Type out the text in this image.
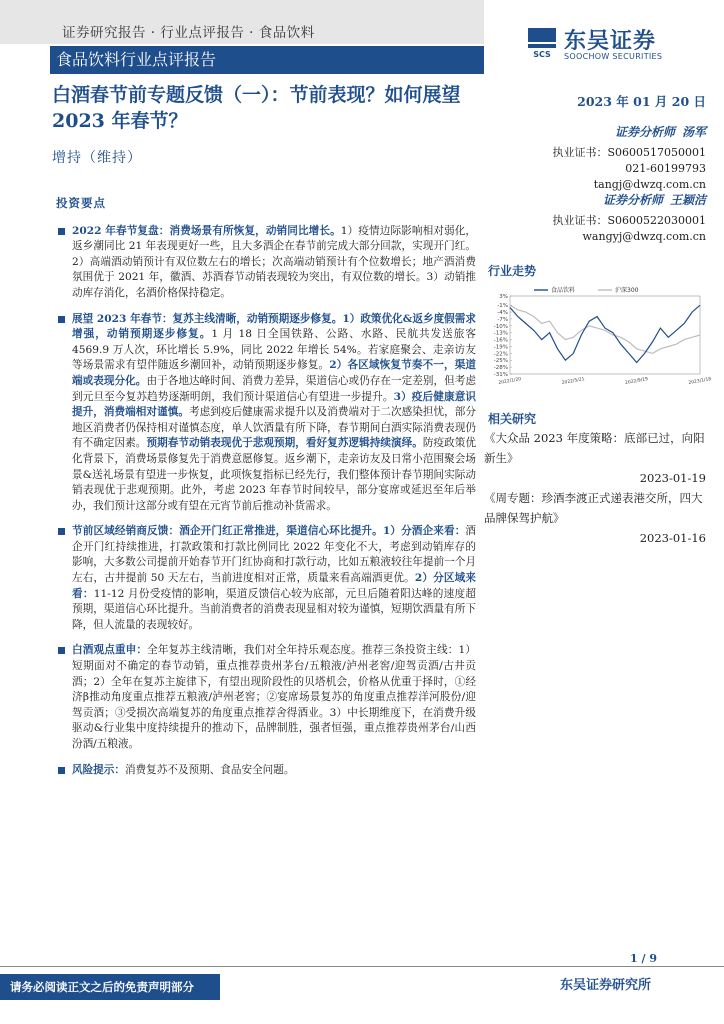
证券研究报告 · 行业点评报告 · 食品饮料
食品饮料行业点评报告	SCS
东吴证券
SOOCHOW SECURITIES
白酒春节前专题反馈（一）：节前表现？如何展望 2023 年春节？
2023 年 01 月 20 日
增持（维持）
证券分析师 汤军
执业证书：S0600517050001
021-60199793
tangj@dwzq.com.cn
证券分析师 王颖洁
执业证书：S0600522030001
wangyj@dwzq.com.cn
投资要点
2022 年春节复盘：消费场景有所恢复，动销同比增长。1）疫情边际影响相对弱化，返乡潮同比 21 年表现更好一些，且大多酒企在春节前完成大部分回款，实现开门红。2）高端酒动销预计有双位数左右的增长；次高端动销预计有个位数增长；地产酒消费氛围优于 2021 年，徽酒、苏酒春节动销表现较为突出，有双位数的增长。3）动销推动库存消化，名酒价格保持稳定。
展望 2023 年春节：复苏主线清晰，动销预期逐步修复。1）政策优化&返乡度假需求增强，动销预期逐步修复。1 月 18 日全国铁路、公路、水路、民航共发送旅客 4569.9 万人次，环比增长 5.9%，同比 2022 年增长 54%。若家庭聚会、走亲访友等场景需求有望伴随返乡潮回补，动销预期逐步修复。2）各区域恢复节奏不一，渠道端或表现分化。由于各地达峰时间、消费力差异，渠道信心或仍存在一定差别，但考虑到元旦至今复苏趋势逐渐明朗，我们预计渠道信心有望进一步提升。3）疫后健康意识提升，消费端相对谨慎。考虑到疫后健康需求提升以及消费端对于二次感染担忧，部分地区消费者仍保持相对谨慎态度，单人饮酒量有所下降，春节期间白酒实际消费表现仍有不确定因素。预期春节动销表现优于悲观预期，看好复苏逻辑持续演绎。防疫政策优化背景下，消费场景修复先于消费意愿修复。返乡潮下，走亲访友及日常小范围聚会场景&送礼场景有望进一步恢复，此项恢复指标已经先行，我们整体预计春节期间实际动销表现优于悲观预期。此外，考虑 2023 年春节时间较早，部分宴席或延迟至年后举办，我们预计这部分或有望在元宵节前后推动补货需求。
节前区域经销商反馈：酒企开门红正常推进，渠道信心环比提升。1）分酒企来看：酒企开门红持续推进，打款政策和打款比例同比 2022 年变化不大，考虑到动销库存的影响，大多数公司提前开始春节开门红协商和打款行动，比如五粮液较往年提前一个月左右，古井提前 50 天左右，当前进度相对正常，质量来看高端酒更优。2）分区域来看：11-12 月份受疫情的影响，渠道反馈信心较为底部，元旦后随着阳达峰的速度超预期，渠道信心环比提升。当前消费者的消费表现显相对较为谨慎，短期饮酒量有所下降，但人流量的表现较好。
白酒观点重申：全年复苏主线清晰，我们对全年持乐观态度。推荐三条投资主线：1）短期面对不确定的春节动销，重点推荐贵州茅台/五粮液/泸州老窖/迎驾贡酒/古井贡酒；2）全年在复苏主旋律下，有望出现阶段性的贝塔机会，价格从优重于择时，①经济β推动角度重点推荐五粮液/泸州老窖；②宴席场景复苏的角度重点推荐洋河股份/迎驾贡酒；③受损次高端复苏的角度重点推荐舍得酒业。3）中长期维度下，在消费升级驱动&行业集中度持续提升的推动下，品牌制胜，强者恒强，重点推荐贵州茅台/山西汾酒/五粮液。
风险提示：消费复苏不及预期、食品安全问题。
行业走势
3%
-1%
-4%
-7%
-10%
-13%
-16%
-19%
-22%
-25%
-28%
-31%
2022/1/20	2022/5/21	2022/9/19	2023/1/18
食品饮料	沪深300
相关研究
《大众品 2023 年度策略：底部已过，向阳新生》
2023-01-19
《周专题：珍酒李渡正式递表港交所，四大品牌保驾护航》
2023-01-16
1 / 9
请务必阅读正文之后的免责声明部分	东吴证券研究所
